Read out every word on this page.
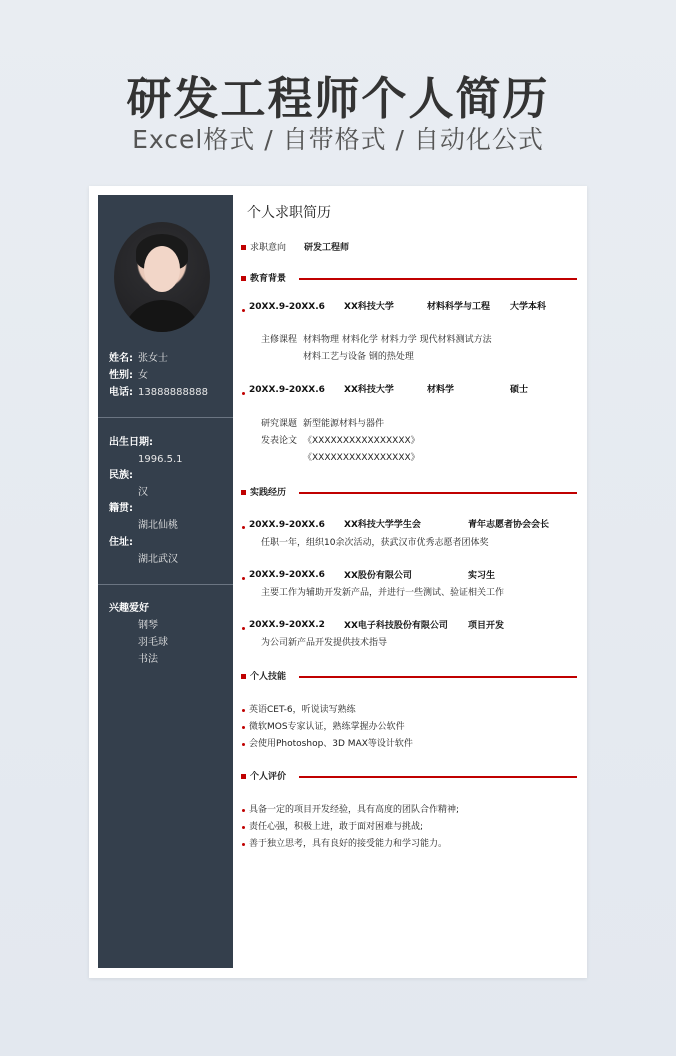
研发工程师个人简历
Excel格式 / 自带格式 / 自动化公式
姓名: 张女士
性别: 女
电话: 13888888888
出生日期:
1996.5.1
民族:
汉
籍贯:
湖北仙桃
住址:
湖北武汉
兴趣爱好
钢琴
羽毛球
书法
个人求职简历
求职意向 研发工程师
教育背景
20XX.9-20XX.6 XX科技大学	材料科学与工程 大学本科
主修课程 材料物理 材料化学 材料力学 现代材料测试方法
材料工艺与设备 钢的热处理
20XX.9-20XX.6 XX科技大学	材料学	硕士
研究课题 新型能源材料与器件
发表论文 《XXXXXXXXXXXXXXXX》
《XXXXXXXXXXXXXXXX》
实践经历
20XX.9-20XX.6 XX科技大学学生会	青年志愿者协会会长
任职一年，组织10余次活动，获武汉市优秀志愿者团体奖
20XX.9-20XX.6 XX股份有限公司	实习生
主要工作为辅助开发新产品，并进行一些测试、验证相关工作
20XX.9-20XX.2 XX电子科技股份有限公司 项目开发
为公司新产品开发提供技术指导
个人技能
英语CET-6，听说读写熟练
微软MOS专家认证，熟练掌握办公软件
会使用Photoshop、3D MAX等设计软件
个人评价
具备一定的项目开发经验，具有高度的团队合作精神;
责任心强，积极上进，敢于面对困难与挑战;
善于独立思考，具有良好的接受能力和学习能力。
